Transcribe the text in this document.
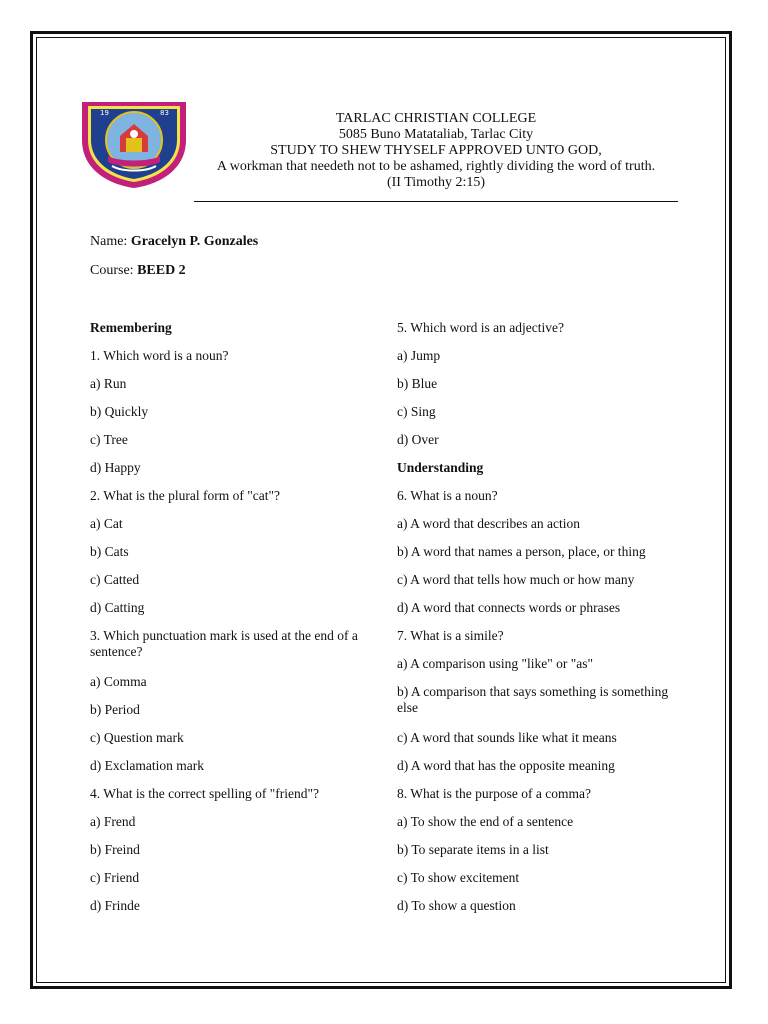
19	83	TARLAC CHRISTIAN COLLEGE
5085 Buno Matataliab, Tarlac City
STUDY TO SHEW THYSELF APPROVED UNTO GOD,
A workman that needeth not to be ashamed, rightly dividing the word of truth.
(II Timothy 2:15)
Name: Gracelyn P. Gonzales
Course: BEED 2
Remembering
1. Which word is a noun?
a) Run
b) Quickly
c) Tree
d) Happy
2. What is the plural form of "cat"?
a) Cat
b) Cats
c) Catted
d) Catting
3. Which punctuation mark is used at the end of a sentence?
a) Comma
b) Period
c) Question mark
d) Exclamation mark
4. What is the correct spelling of "friend"?
a) Frend
b) Freind
c) Friend
d) Frinde
5. Which word is an adjective?
a) Jump
b) Blue
c) Sing
d) Over
Understanding
6. What is a noun?
a) A word that describes an action
b) A word that names a person, place, or thing
c) A word that tells how much or how many
d) A word that connects words or phrases
7. What is a simile?
a) A comparison using "like" or "as"
b) A comparison that says something is something else
c) A word that sounds like what it means
d) A word that has the opposite meaning
8. What is the purpose of a comma?
a) To show the end of a sentence
b) To separate items in a list
c) To show excitement
d) To show a question
